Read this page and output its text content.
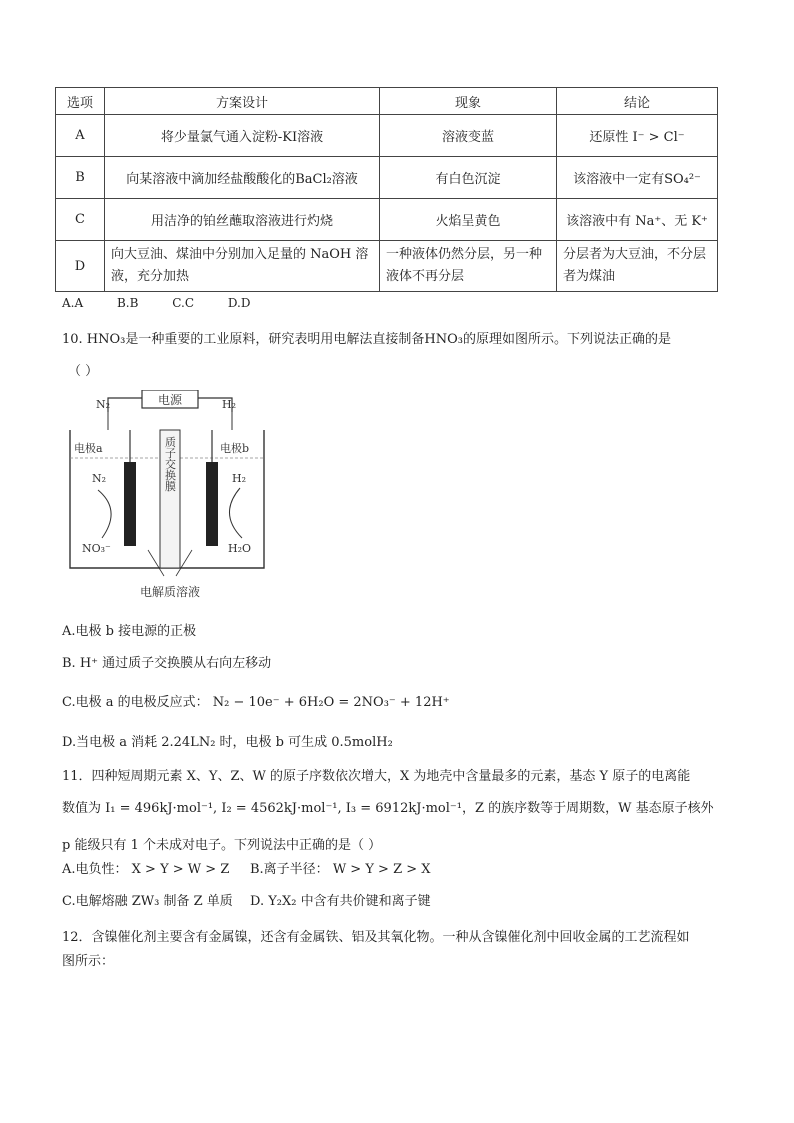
选项	方案设计	现象	结论
A	将少量氯气通入淀粉-KI溶液	溶液变蓝	还原性 I⁻ > Cl⁻
B	向某溶液中滴加经盐酸酸化的BaCl₂溶液	有白色沉淀	该溶液中一定有SO₄²⁻
C	用洁净的铂丝蘸取溶液进行灼烧	火焰呈黄色	该溶液中有 Na⁺、无 K⁺
D	向大豆油、煤油中分别加入足量的 NaOH 溶液，充分加热	一种液体仍然分层，另一种液体不再分层	分层者为大豆油，不分层者为煤油
A.A	B.B	C.C	D.D

10. HNO₃是一种重要的工业原料，研究表明用电解法直接制备HNO₃的原理如图所示。下列说法正确的是

（ ）

电源
N₂	H₂
质子交换膜
电极a	电极b
N₂
NO₃⁻
H₂
H₂O
电解质溶液

A.电极 b 接电源的正极

B. H⁺ 通过质子交换膜从右向左移动

C.电极 a 的电极反应式： N₂ − 10e⁻ + 6H₂O = 2NO₃⁻ + 12H⁺

D.当电极 a 消耗 2.24LN₂ 时，电极 b 可生成 0.5molH₂

11．四种短周期元素 X、Y、Z、W 的原子序数依次增大，X 为地壳中含量最多的元素，基态 Y 原子的电离能

数值为 I₁ = 496kJ·mol⁻¹, I₂ = 4562kJ·mol⁻¹, I₃ = 6912kJ·mol⁻¹，Z 的族序数等于周期数，W 基态原子核外

p 能级只有 1 个未成对电子。下列说法中正确的是（ ）

A.电负性： X > Y > W > Z B.离子半径： W > Y > Z > X

C.电解熔融 ZW₃ 制备 Z 单质 D. Y₂X₂ 中含有共价键和离子键

12．含镍催化剂主要含有金属镍，还含有金属铁、铝及其氧化物。一种从含镍催化剂中回收金属的工艺流程如

图所示：
